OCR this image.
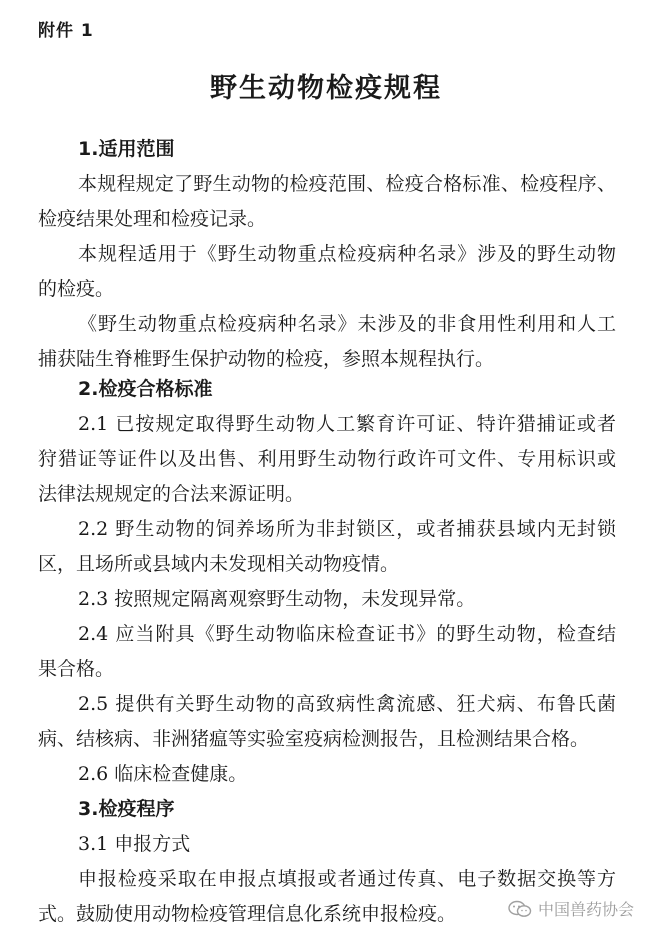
附件 1
野生动物检疫规程
1.适用范围
本规程规定了野生动物的检疫范围、检疫合格标准、检疫程序、
检疫结果处理和检疫记录。
本规程适用于《野生动物重点检疫病种名录》涉及的野生动物
的检疫。
《野生动物重点检疫病种名录》未涉及的非食用性利用和人工
捕获陆生脊椎野生保护动物的检疫，参照本规程执行。
2.检疫合格标准
2.1 已按规定取得野生动物人工繁育许可证、特许猎捕证或者
狩猎证等证件以及出售、利用野生动物行政许可文件、专用标识或
法律法规规定的合法来源证明。
2.2 野生动物的饲养场所为非封锁区，或者捕获县域内无封锁
区，且场所或县域内未发现相关动物疫情。
2.3 按照规定隔离观察野生动物，未发现异常。
2.4 应当附具《野生动物临床检查证书》的野生动物，检查结
果合格。
2.5 提供有关野生动物的高致病性禽流感、狂犬病、布鲁氏菌
病、结核病、非洲猪瘟等实验室疫病检测报告，且检测结果合格。
2.6 临床检查健康。
3.检疫程序
3.1 申报方式
申报检疫采取在申报点填报或者通过传真、电子数据交换等方
式。鼓励使用动物检疫管理信息化系统申报检疫。	中国兽药协会
